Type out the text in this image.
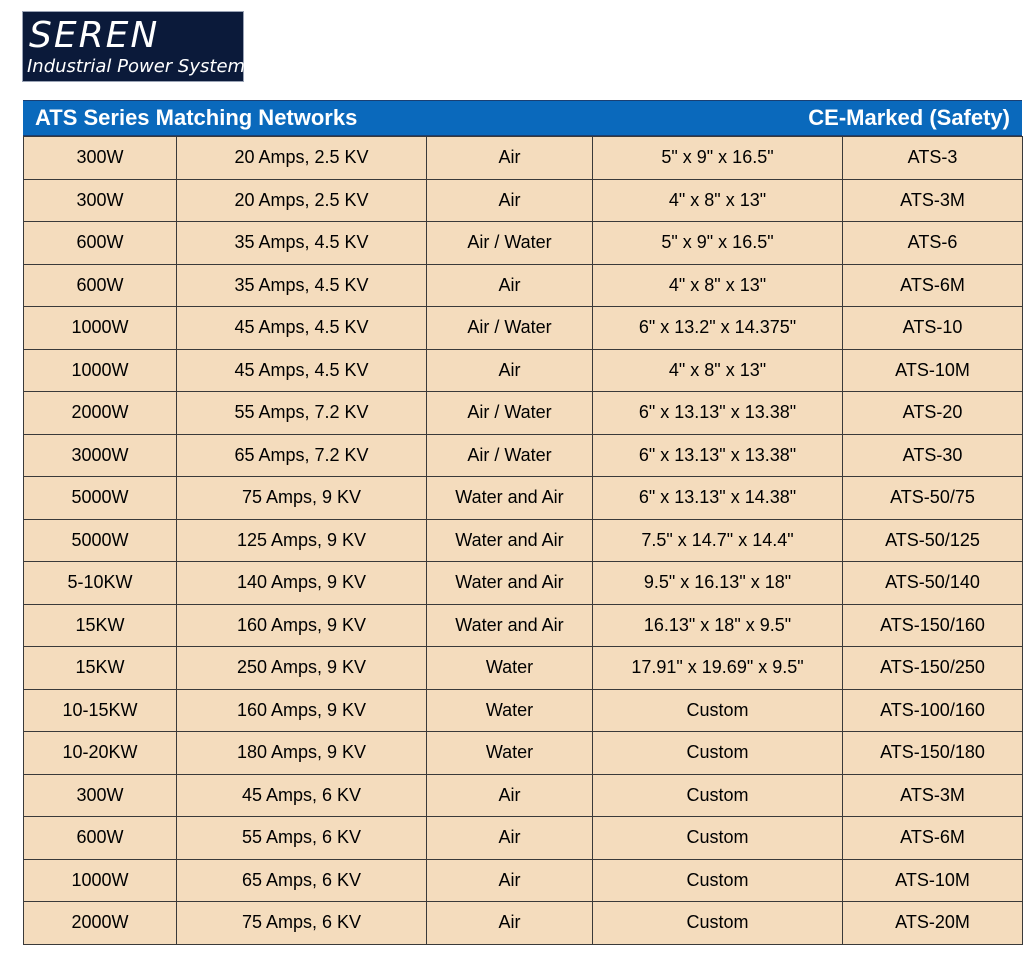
SEREN
Industrial Power Systems
ATS Series Matching Networks	CE-Marked (Safety)
300W	20 Amps, 2.5 KV	Air	5" x 9" x 16.5"	ATS-3
300W	20 Amps, 2.5 KV	Air	4" x 8" x 13"	ATS-3M
600W	35 Amps, 4.5 KV	Air / Water	5" x 9" x 16.5"	ATS-6
600W	35 Amps, 4.5 KV	Air	4" x 8" x 13"	ATS-6M
1000W	45 Amps, 4.5 KV	Air / Water	6" x 13.2" x 14.375"	ATS-10
1000W	45 Amps, 4.5 KV	Air	4" x 8" x 13"	ATS-10M
2000W	55 Amps, 7.2 KV	Air / Water	6" x 13.13" x 13.38"	ATS-20
3000W	65 Amps, 7.2 KV	Air / Water	6" x 13.13" x 13.38"	ATS-30
5000W	75 Amps, 9 KV	Water and Air	6" x 13.13" x 14.38"	ATS-50/75
5000W	125 Amps, 9 KV	Water and Air	7.5" x 14.7" x 14.4"	ATS-50/125
5-10KW	140 Amps, 9 KV	Water and Air	9.5" x 16.13" x 18"	ATS-50/140
15KW	160 Amps, 9 KV	Water and Air	16.13" x 18" x 9.5"	ATS-150/160
15KW	250 Amps, 9 KV	Water	17.91" x 19.69" x 9.5"	ATS-150/250
10-15KW	160 Amps, 9 KV	Water	Custom	ATS-100/160
10-20KW	180 Amps, 9 KV	Water	Custom	ATS-150/180
300W	45 Amps, 6 KV	Air	Custom	ATS-3M
600W	55 Amps, 6 KV	Air	Custom	ATS-6M
1000W	65 Amps, 6 KV	Air	Custom	ATS-10M
2000W	75 Amps, 6 KV	Air	Custom	ATS-20M
